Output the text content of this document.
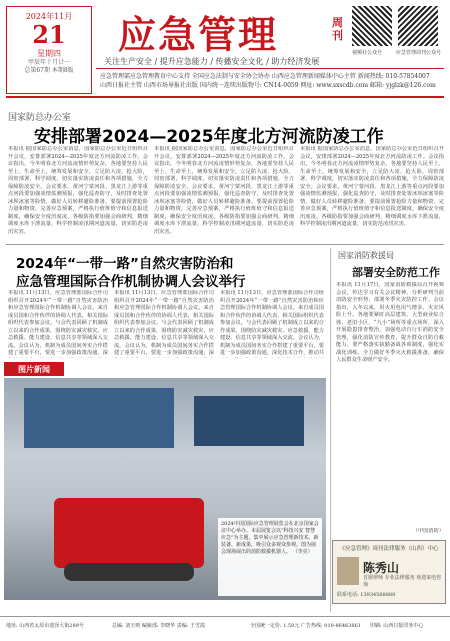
2024年11月
21
星期四
甲辰年十月廿一
总第67期 本期8版
应急管理	周刊
关注生产安全 / 提升应急能力 / 传播安全文化 / 助力经济发展
视频社公众号	应急管理周刊公众号
应急管理部应急管理教育中心支持 全国应急法制与安全协会协办 山西应急管理新闻媒体中心主管 新闻热线: 010-57854007
山西日报社主管 山西市场导报社出版 国内统一连续出版物号: CN14-0059 网址: www.sxscdb.com 邮箱: yjglzk@126.com
国家防总办公室
安排部署2024—2025年度北方河流防凌工作
本报讯 据国家防总办公室消息，国家防总办公室近日组织召开会议，安排部署2024—2025年度北方河流防凌工作。会议指出，今冬明春北方河流凌情形势复杂，各地要坚持人民至上、生命至上，统筹发展和安全，立足防大凌、抢大险，周密部署，科学调度，切实落实防凌责任和各项措施，全力保障防凌安全。会议要求，黄河宁蒙河段、黑龙江上游等重点河段要加强凌情监测预报，强化巡查防守，及时排查处置冰坝冰塞等险情，做好人员转移避险准备。要提前预置抢险力量和物资，完善应急预案，严格执行值班值守和信息报送制度，确保安全度汛度凌。各级防指要加强会商研判，精细调度水库下泄流量，科学控制凌汛期河道流量，切实防范凌汛灾害。
本报讯 据国家防总办公室消息，国家防总办公室近日组织召开会议，安排部署2024—2025年度北方河流防凌工作。会议指出，今冬明春北方河流凌情形势复杂，各地要坚持人民至上、生命至上，统筹发展和安全，立足防大凌、抢大险，周密部署，科学调度，切实落实防凌责任和各项措施，全力保障防凌安全。会议要求，黄河宁蒙河段、黑龙江上游等重点河段要加强凌情监测预报，强化巡查防守，及时排查处置冰坝冰塞等险情，做好人员转移避险准备。要提前预置抢险力量和物资，完善应急预案，严格执行值班值守和信息报送制度，确保安全度汛度凌。各级防指要加强会商研判，精细调度水库下泄流量，科学控制凌汛期河道流量，切实防范凌汛灾害。
本报讯 据国家防总办公室消息，国家防总办公室近日组织召开会议，安排部署2024—2025年度北方河流防凌工作。会议指出，今冬明春北方河流凌情形势复杂，各地要坚持人民至上、生命至上，统筹发展和安全，立足防大凌、抢大险，周密部署，科学调度，切实落实防凌责任和各项措施，全力保障防凌安全。会议要求，黄河宁蒙河段、黑龙江上游等重点河段要加强凌情监测预报，强化巡查防守，及时排查处置冰坝冰塞等险情，做好人员转移避险准备。要提前预置抢险力量和物资，完善应急预案，严格执行值班值守和信息报送制度，确保安全度汛度凌。各级防指要加强会商研判，精细调度水库下泄流量，科学控制凌汛期河道流量，切实防范凌汛灾害。
2024年“一带一路”自然灾害防治和
应急管理国际合作机制协调人会议举行
本报讯 11月13日，应急管理部国际合作司组织召开2024年“一带一路”自然灾害防治和应急管理国际合作机制协调人会议。来自成员国和合作伙伴的协调人代表，相关国际组织代表参加会议。与会代表回顾了机制成立以来的合作成果，围绕防灾减灾救灾、应急救援、能力建设、信息共享等领域深入交流。会议认为，机制为成员国间务实合作搭建了重要平台，要进一步加强政策沟通，深
本报讯 11月13日，应急管理部国际合作司组织召开2024年“一带一路”自然灾害防治和应急管理国际合作机制协调人会议。来自成员国和合作伙伴的协调人代表，相关国际组织代表参加会议。与会代表回顾了机制成立以来的合作成果，围绕防灾减灾救灾、应急救援、能力建设、信息共享等领域深入交流。会议认为，机制为成员国间务实合作搭建了重要平台，要进一步加强政策沟通，深
本报讯 11月13日，应急管理部国际合作司组织召开2024年“一带一路”自然灾害防治和应急管理国际合作机制协调人会议。来自成员国和合作伙伴的协调人代表，相关国际组织代表参加会议。与会代表回顾了机制成立以来的合作成果，围绕防灾减灾救灾、应急救援、能力建设、信息共享等领域深入交流。会议认为，机制为成员国间务实合作搭建了重要平台，要进一步加强政策沟通，深化技术合作，推动共
国家消防救援局
部署安全防范工作
本报讯 11月17日，国家消防救援局召开视频会议，传达学习有关会议精神，分析研判当前消防安全形势，部署冬季火灾防控工作。会议指出，入冬以来，用火用电用气增多，火灾风险上升。各地要紧盯高层建筑、大型商业综合体、老旧小区、“九小”场所等重点场所，深入开展隐患排查整治，加强电动自行车消防安全管理，强化消防宣传教育，提升群众自防自救能力。要严格落实执勤备战各项制度，强化实战化训练，全力做好冬季灭火救援准备，确保人民群众生命财产安全。
（中国消防）
图片新闻
2024中国国际应急管理展览会在北京国家会议中心举办。本届展览会以“科技兴安 智慧应急”为主题，集中展示应急管理新技术、新装备、新成果，吸引众多观众参观。图为展会现场展出的消防救援机器人。 （李亮）	《应急管理》周刊法律服务（山西）中心
陈秀山
首席律师 专业法律服务 欢迎来电咨询
联系电话: 13934568888
地址: 山西省太原市迎泽大街289号	总编: 刘玉则 编辑部: 李晓华 责编: 王雪霞	全国统一定价: 1.50元 广告热线: 010-86463861 印刷: 山西日报印务中心
